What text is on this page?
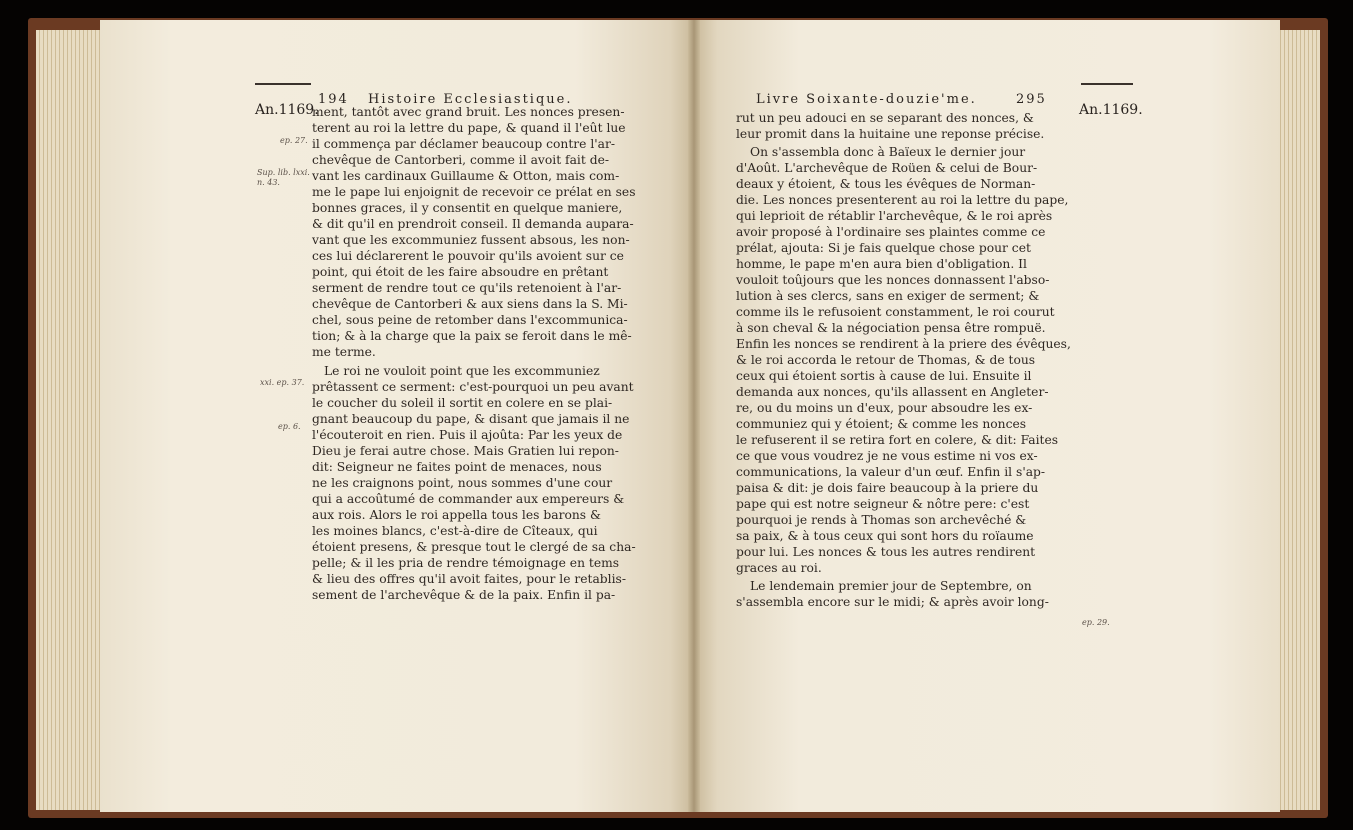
194 Histoire Ecclesiastique.
An.1169.
ep. 27.
Sup. lib. lxxi.
n. 43.
xxi. ep. 37.
ep. 6.
ment, tantôt avec grand bruit. Les nonces presen-
terent au roi la lettre du pape, & quand il l'eût lue
il commença par déclamer beaucoup contre l'ar-
chevêque de Cantorberi, comme il avoit fait de-
vant les cardinaux Guillaume & Otton, mais com-
me le pape lui enjoignit de recevoir ce prélat en ses
bonnes graces, il y consentit en quelque maniere,
& dit qu'il en prendroit conseil. Il demanda aupara-
vant que les excommuniez fussent absous, les non-
ces lui déclarerent le pouvoir qu'ils avoient sur ce
point, qui étoit de les faire absoudre en prêtant
serment de rendre tout ce qu'ils retenoient à l'ar-
chevêque de Cantorberi & aux siens dans la S. Mi-
chel, sous peine de retomber dans l'excommunica-
tion; & à la charge que la paix se feroit dans le mê-
me terme.
Le roi ne vouloit point que les excommuniez
prêtassent ce serment: c'est-pourquoi un peu avant
le coucher du soleil il sortit en colere en se plai-
gnant beaucoup du pape, & disant que jamais il ne
l'écouteroit en rien. Puis il ajoûta: Par les yeux de
Dieu je ferai autre chose. Mais Gratien lui repon-
dit: Seigneur ne faites point de menaces, nous
ne les craignons point, nous sommes d'une cour
qui a accoûtumé de commander aux empereurs &
aux rois. Alors le roi appella tous les barons &
les moines blancs, c'est-à-dire de Cîteaux, qui
étoient presens, & presque tout le clergé de sa cha-
pelle; & il les pria de rendre témoignage en tems
& lieu des offres qu'il avoit faites, pour le retablis-
sement de l'archevêque & de la paix. Enfin il pa-
Livre Soixante-douzie'me.	295
An.1169.
ep. 29.
rut un peu adouci en se separant des nonces, &
leur promit dans la huitaine une reponse précise.
On s'assembla donc à Baïeux le dernier jour
d'Août. L'archevêque de Roüen & celui de Bour-
deaux y étoient, & tous les évêques de Norman-
die. Les nonces presenterent au roi la lettre du pape,
qui leprioit de rétablir l'archevêque, & le roi après
avoir proposé à l'ordinaire ses plaintes comme ce
prélat, ajouta: Si je fais quelque chose pour cet
homme, le pape m'en aura bien d'obligation. Il
vouloit toûjours que les nonces donnassent l'abso-
lution à ses clercs, sans en exiger de serment; &
comme ils le refusoient constamment, le roi courut
à son cheval & la négociation pensa être rompuë.
Enfin les nonces se rendirent à la priere des évêques,
& le roi accorda le retour de Thomas, & de tous
ceux qui étoient sortis à cause de lui. Ensuite il
demanda aux nonces, qu'ils allassent en Angleter-
re, ou du moins un d'eux, pour absoudre les ex-
communiez qui y étoient; & comme les nonces
le refuserent il se retira fort en colere, & dit: Faites
ce que vous voudrez je ne vous estime ni vos ex-
communications, la valeur d'un œuf. Enfin il s'ap-
paisa & dit: je dois faire beaucoup à la priere du
pape qui est notre seigneur & nôtre pere: c'est
pourquoi je rends à Thomas son archevêché &
sa paix, & à tous ceux qui sont hors du roïaume
pour lui. Les nonces & tous les autres rendirent
graces au roi.
Le lendemain premier jour de Septembre, on
s'assembla encore sur le midi; & après avoir long-
